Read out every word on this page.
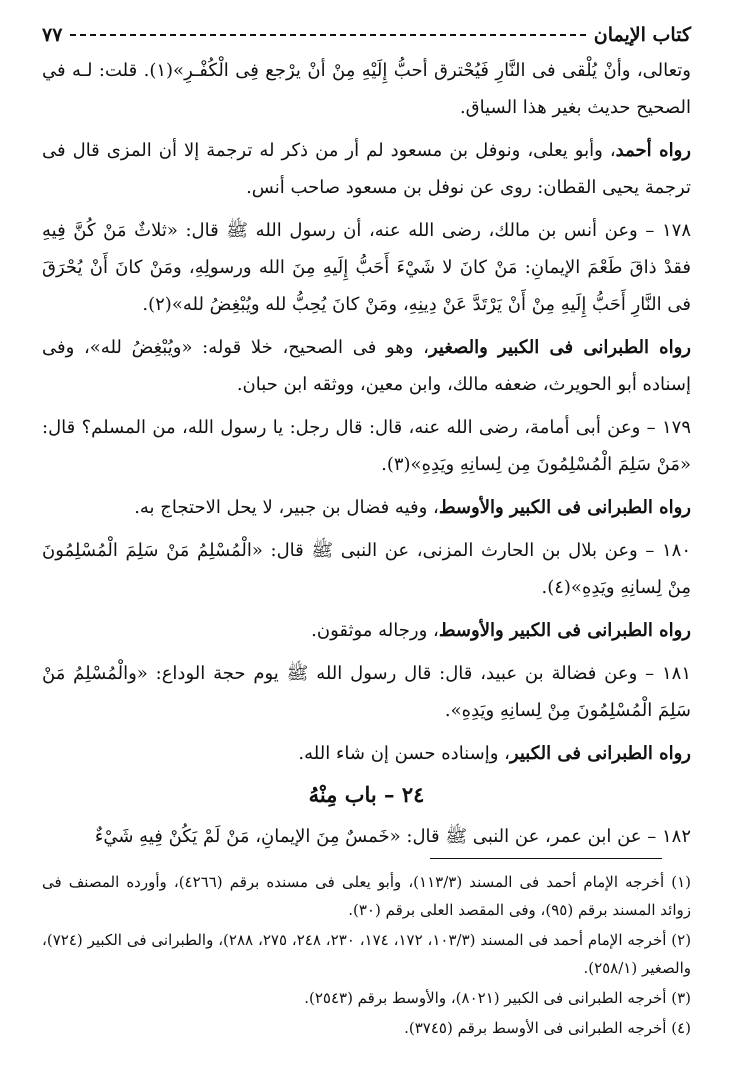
كتاب الإيمان
٧٧

وتعالى، وأنْ يُلْقى فى النَّارِ فَيُحْترق أحبُّ إِلَيْهِ مِنْ أنْ يرْجع فِى الْكُفْـرِ»(١). قلت: لـه في الصحيح حديث بغير هذا السياق.

رواه أحمد، وأبو يعلى، ونوفل بن مسعود لم أر من ذكر له ترجمة إلا أن المزى قال فى ترجمة يحيى القطان: روى عن نوفل بن مسعود صاحب أنس.

١٧٨ – وعن أنس بن مالك، رضى الله عنه، أن رسول الله ﷺ قال: «ثلاثٌ مَنْ كُنَّ فِيهِ فقدْ ذاقَ طَعْمَ الإيمانِ: مَنْ كانَ لا شَيْءَ أَحَبُّ إِلَيهِ مِنَ الله ورسولِهِ، ومَنْ كانَ أَنْ يُحْرَقَ فى النَّارِ أَحَبُّ إِلَيهِ مِنْ أَنْ يَرْتَدَّ عَنْ دِينِهِ، ومَنْ كانَ يُحِبُّ لله ويُبْغِضُ لله»(٢).

رواه الطبرانى فى الكبير والصغير، وهو فى الصحيح، خلا قوله: «ويُبْغِضُ لله»، وفى إسناده أبو الحويرث، ضعفه مالك، وابن معين، ووثقه ابن حبان.

١٧٩ – وعن أبى أمامة، رضى الله عنه، قال: قال رجل: يا رسول الله، من المسلم؟ قال: «مَنْ سَلِمَ الْمُسْلِمُونَ مِن لِسانِهِ ويَدِهِ»(٣).

رواه الطبرانى فى الكبير والأوسط، وفيه فضال بن جبير، لا يحل الاحتجاج به.

١٨٠ – وعن بلال بن الحارث المزنى، عن النبى ﷺ قال: «الْمُسْلِمُ مَنْ سَلِمَ الْمُسْلِمُونَ مِنْ لِسانِهِ ويَدِهِ»(٤).

رواه الطبرانى فى الكبير والأوسط، ورجاله موثقون.

١٨١ – وعن فضالة بن عبيد، قال: قال رسول الله ﷺ يوم حجة الوداع: «والْمُسْلِمُ مَنْ سَلِمَ الْمُسْلِمُونَ مِنْ لِسانِهِ ويَدِهِ».

رواه الطبرانى فى الكبير، وإسناده حسن إن شاء الله.

٢٤ – باب مِنْهُ

١٨٢ – عن ابن عمر، عن النبى ﷺ قال: «خَمسٌ مِنَ الإيمانِ، مَنْ لَمْ يَكُنْ فِيهِ شَيْءٌ

(١) أخرجه الإمام أحمد فى المسند (١١٣/٣)، وأبو يعلى فى مسنده برقم (٤٢٦٦)، وأورده المصنف فى زوائد المسند برقم (٩٥)، وفى المقصد العلى برقم (٣٠).

(٢) أخرجه الإمام أحمد فى المسند (١٠٣/٣، ١٧٢، ١٧٤، ٢٣٠، ٢٤٨، ٢٧٥، ٢٨٨)، والطبرانى فى الكبير (٧٢٤)، والصغير (٢٥٨/١).

(٣) أخرجه الطبرانى فى الكبير (٨٠٢١)، والأوسط برقم (٢٥٤٣).

(٤) أخرجه الطبرانى فى الأوسط برقم (٣٧٤٥).
